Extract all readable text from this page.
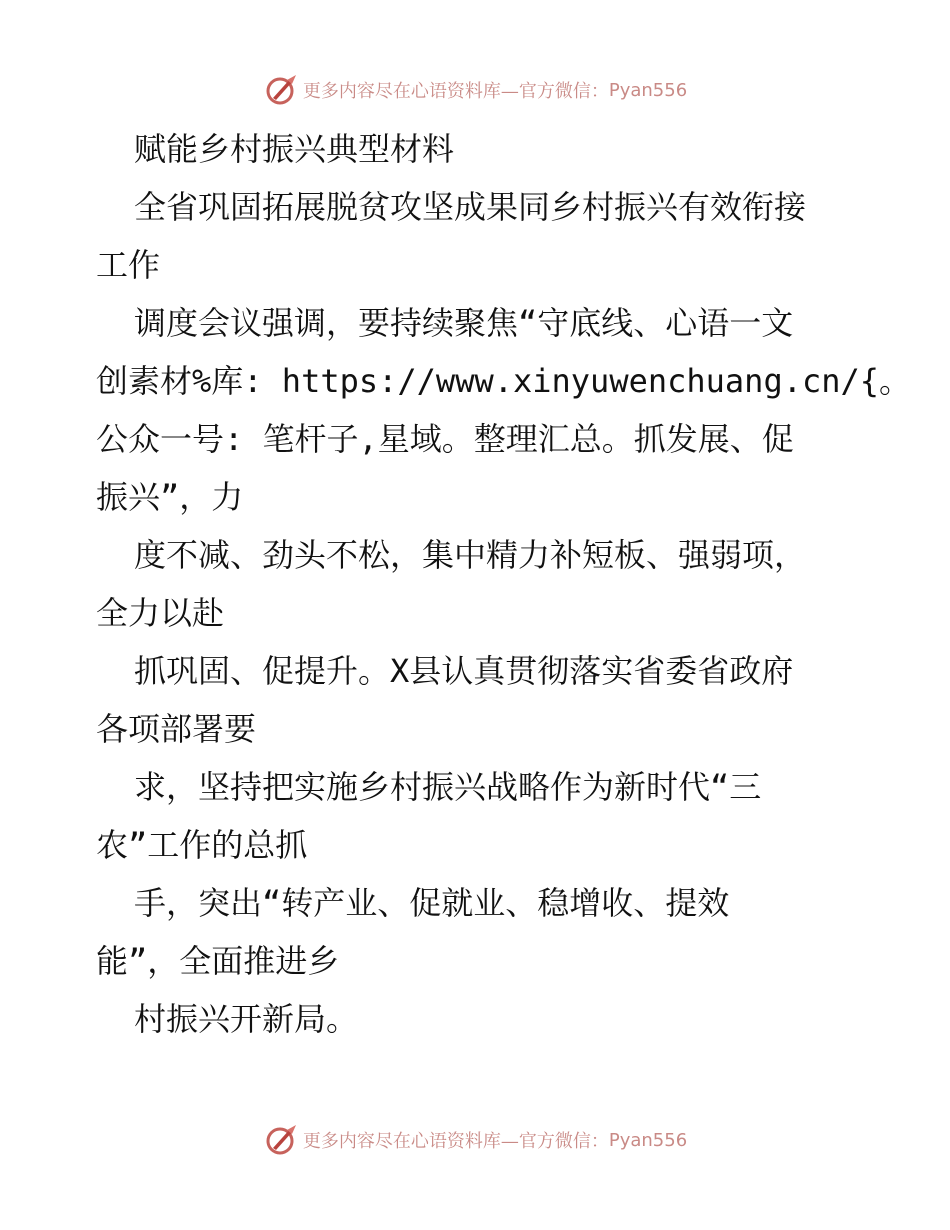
更多内容尽在心语资料库—官方微信： Pyan556

赋能乡村振兴典型材料

全省巩固拓展脱贫攻坚成果同乡村振兴有效衔接

工作

调度会议强调，要持续聚焦“守底线、心语一文

创素材%库: https://www.xinyuwenchuang.cn/{。

公众一号: 笔杆子,星域。整理汇总。抓发展、促

振兴”，力

度不减、劲头不松，集中精力补短板、强弱项，

全力以赴

抓巩固、促提升。X县认真贯彻落实省委省政府

各项部署要

求，坚持把实施乡村振兴战略作为新时代“三

农”工作的总抓

手，突出“转产业、促就业、稳增收、提效

能”，全面推进乡

村振兴开新局。

更多内容尽在心语资料库—官方微信： Pyan556
